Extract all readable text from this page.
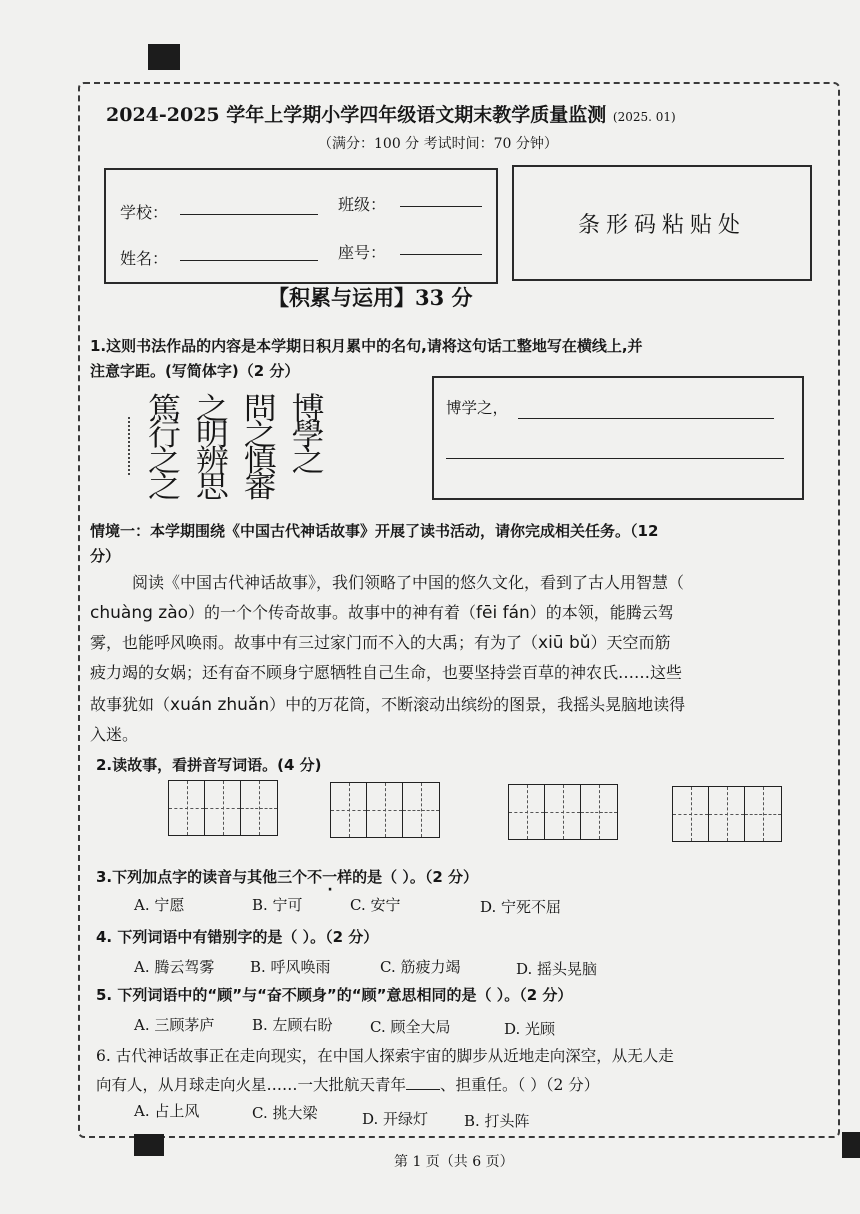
2024-2025 学年上学期小学四年级语文期末教学质量监测 (2025. 01)
（满分：100 分 考试时间：70 分钟）
学校：	班级：
姓名：	座号：
条形码粘贴处
【积累与运用】33 分
1.这则书法作品的内容是本学期日积月累中的名句,请将这句话工整地写在横线上,并
注意字距。(写简体字)（2 分）
篤 之 問 博
行 明 之 學
之 辨 慎 之
之 思 審
博学之，
情境一：本学期围绕《中国古代神话故事》开展了读书活动，请你完成相关任务。（12
分）
阅读《中国古代神话故事》，我们领略了中国的悠久文化，看到了古人用智慧（
chuàng zào）的一个个传奇故事。故事中的神有着（fēi fán）的本领，能腾云驾
雾，也能呼风唤雨。故事中有三过家门而不入的大禹；有为了（xiū bǔ）天空而筋
疲力竭的女娲；还有奋不顾身宁愿牺牲自己生命，也要坚持尝百草的神农氏……这些
故事犹如（xuán zhuǎn）中的万花筒，不断滚动出缤纷的图景，我摇头晃脑地读得
入迷。
2.读故事，看拼音写词语。(4 分)
3.下列加点字的读音与其他三个不一样的是（ ）。（2 分）
A. 宁愿	B. 宁可	C. 安宁	D. 宁死不屈
4. 下列词语中有错别字的是（ ）。（2 分）
A. 腾云驾雾 B. 呼风唤雨	C. 筋疲力竭	D. 摇头晃脑
5. 下列词语中的“顾”与“奋不顾身”的“顾”意思相同的是（ ）。（2 分）
A. 三顾茅庐	B. 左顾右盼 C. 顾全大局	D. 光顾
6. 古代神话故事正在走向现实，在中国人探索宇宙的脚步从近地走向深空，从无人走
向有人，从月球走向火星……一大批航天青年 、担重任。（ ）（2 分）
A. 占上风	C. 挑大梁	D. 开绿灯 B. 打头阵
第 1 页（共 6 页）
